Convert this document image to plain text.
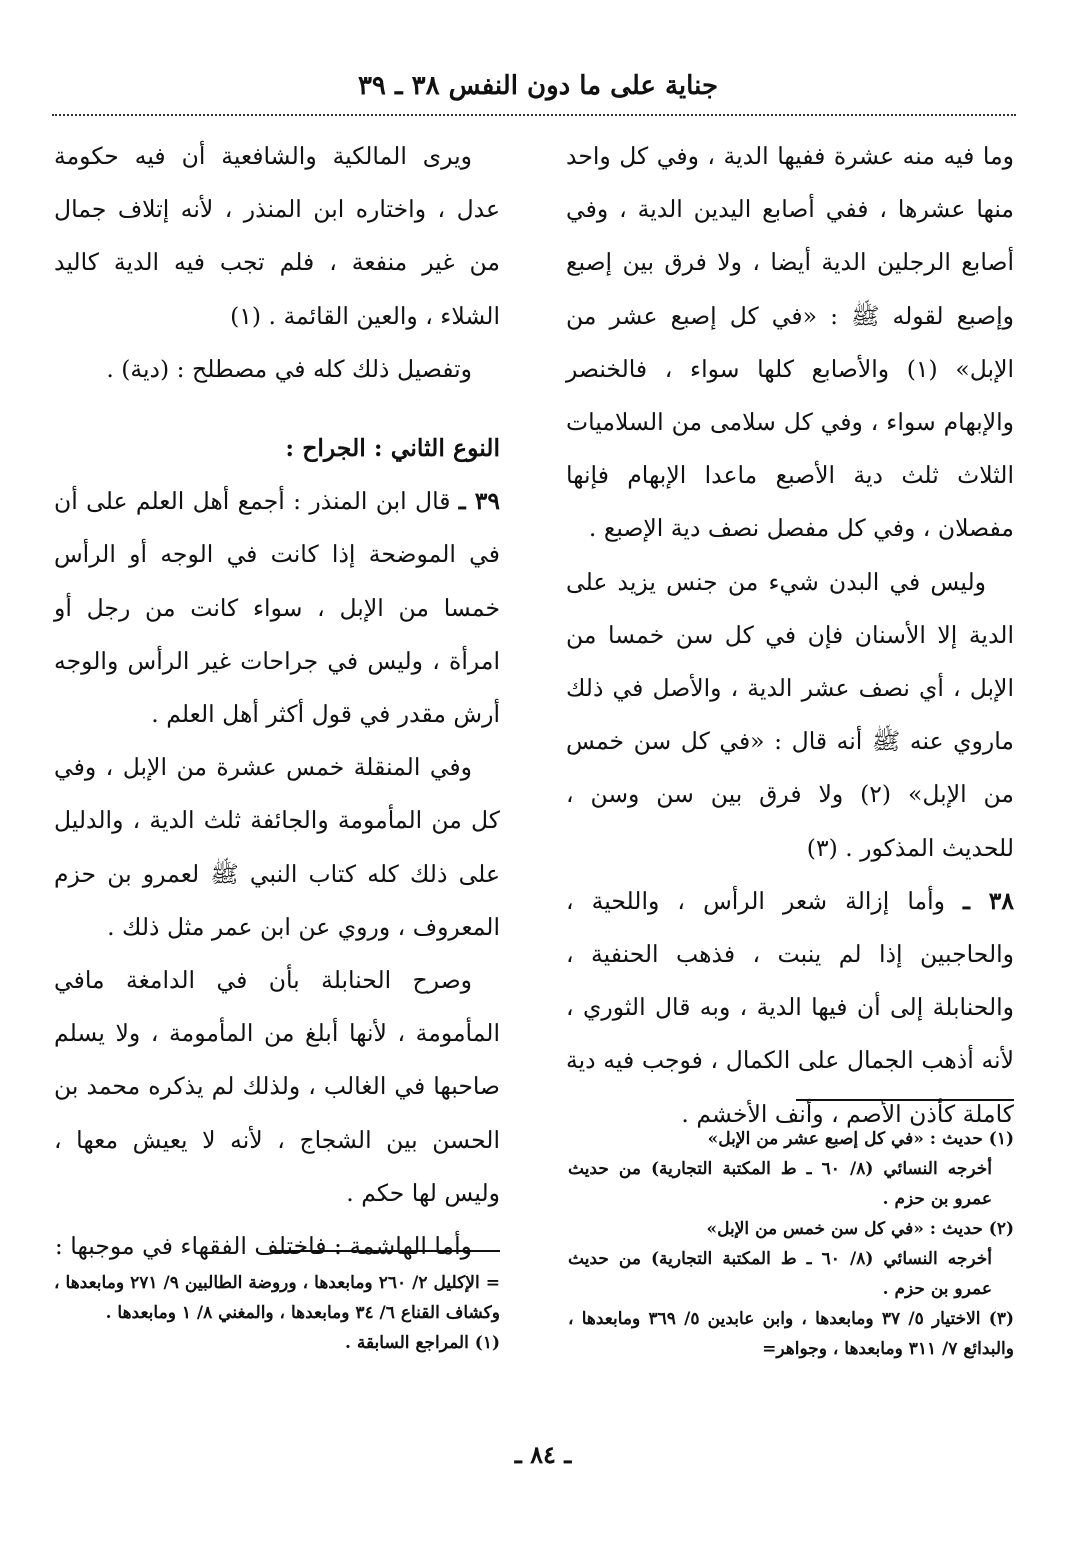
جناية على ما دون النفس ٣٨ ـ ٣٩

وما فيه منه عشرة ففيها الدية ، وفي كل واحد منها عشرها ، ففي أصابع اليدين الدية ، وفي أصابع الرجلين الدية أيضا ، ولا فرق بين إصبع وإصبع لقوله ﷺ : «في كل إصبع عشر من الإبل» (١) والأصابع كلها سواء ، فالخنصر والإبهام سواء ، وفي كل سلامى من السلاميات الثلاث ثلث دية الأصبع ماعدا الإبهام فإنها مفصلان ، وفي كل مفصل نصف دية الإصبع .

وليس في البدن شيء من جنس يزيد على الدية إلا الأسنان فإن في كل سن خمسا من الإبل ، أي نصف عشر الدية ، والأصل في ذلك ماروي عنه ﷺ أنه قال : «في كل سن خمس من الإبل» (٢) ولا فرق بين سن وسن ، للحديث المذكور . (٣)

٣٨ ـ وأما إزالة شعر الرأس ، واللحية ، والحاجبين إذا لم ينبت ، فذهب الحنفية ، والحنابلة إلى أن فيها الدية ، وبه قال الثوري ، لأنه أذهب الجمال على الكمال ، فوجب فيه دية كاملة كأذن الأصم ، وأنف الأخشم .

ويرى المالكية والشافعية أن فيه حكومة عدل ، واختاره ابن المنذر ، لأنه إتلاف جمال من غير منفعة ، فلم تجب فيه الدية كاليد الشلاء ، والعين القائمة . (١)

وتفصيل ذلك كله في مصطلح : (دية) .

النوع الثاني : الجراح :

٣٩ ـ قال ابن المنذر : أجمع أهل العلم على أن في الموضحة إذا كانت في الوجه أو الرأس خمسا من الإبل ، سواء كانت من رجل أو امرأة ، وليس في جراحات غير الرأس والوجه أرش مقدر في قول أكثر أهل العلم .

وفي المنقلة خمس عشرة من الإبل ، وفي كل من المأمومة والجائفة ثلث الدية ، والدليل على ذلك كله كتاب النبي ﷺ لعمرو بن حزم المعروف ، وروي عن ابن عمر مثل ذلك .

وصرح الحنابلة بأن في الدامغة مافي المأمومة ، لأنها أبلغ من المأمومة ، ولا يسلم صاحبها في الغالب ، ولذلك لم يذكره محمد بن الحسن بين الشجاج ، لأنه لا يعيش معها ، وليس لها حكم .

وأما الهاشمة : فاختلف الفقهاء في موجبها :

(١) حديث : «في كل إصبع عشر من الإبل»

أخرجه النسائي (٨/ ٦٠ ـ ط المكتبة التجارية) من حديث عمرو بن حزم .

(٢) حديث : «في كل سن خمس من الإبل»

أخرجه النسائي (٨/ ٦٠ ـ ط المكتبة التجارية) من حديث عمرو بن حزم .

(٣) الاختيار ٥/ ٣٧ ومابعدها ، وابن عابدين ٥/ ٣٦٩ ومابعدها ، والبدائع ٧/ ٣١١ ومابعدها ، وجواهر=

= الإكليل ٢/ ٢٦٠ ومابعدها ، وروضة الطالبين ٩/ ٢٧١ ومابعدها ، وكشاف القناع ٦/ ٣٤ ومابعدها ، والمغني ٨/ ١ ومابعدها .

(١) المراجع السابقة .

ـ ٨٤ ـ
